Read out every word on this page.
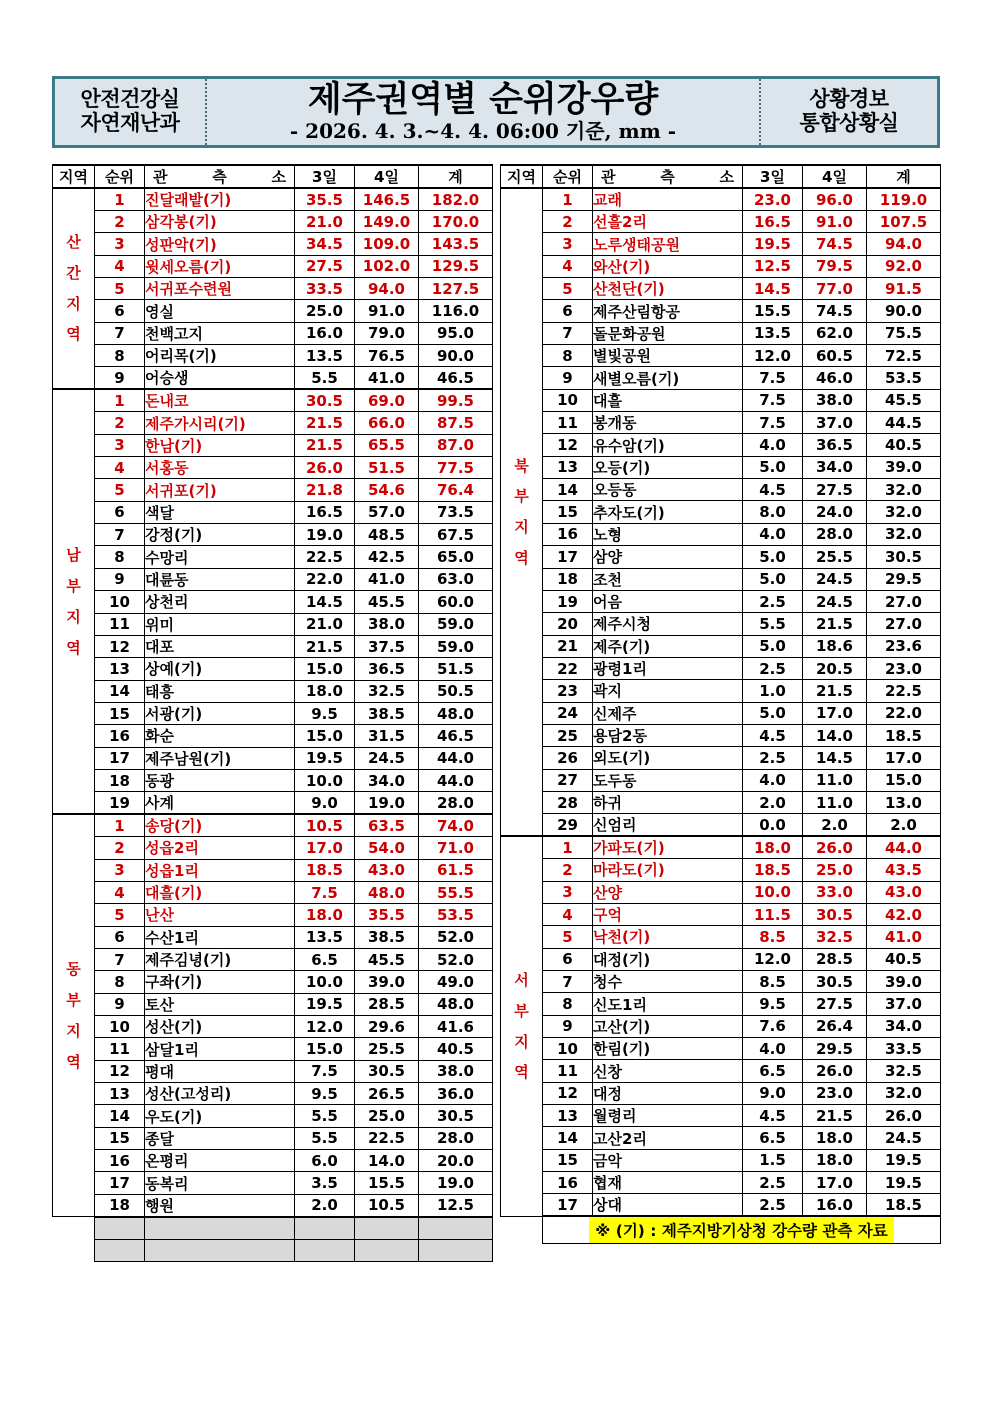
안전건강실
자연재난과
제주권역별 순위강우량
- 2026. 4. 3.~4. 4. 06:00 기준, mm -
상황경보
통합상황실
지역	순위	관 측 소	3일	4일	계

산
간
지
역	1	진달래밭(기)	35.5	146.5	182.0
	2	삼각봉(기)	21.0	149.0	170.0
	3	성판악(기)	34.5	109.0	143.5
	4	윗세오름(기)	27.5	102.0	129.5
	5	서귀포수련원	33.5	94.0	127.5
	6	영실	25.0	91.0	116.0
	7	천백고지	16.0	79.0	95.0
	8	어리목(기)	13.5	76.5	90.0
	9	어승생	5.5	41.0	46.5

남
부
지
역	1	돈내코	30.5	69.0	99.5
	2	제주가시리(기)	21.5	66.0	87.5
	3	한남(기)	21.5	65.5	87.0
	4	서홍동	26.0	51.5	77.5
	5	서귀포(기)	21.8	54.6	76.4
	6	색달	16.5	57.0	73.5
	7	강정(기)	19.0	48.5	67.5
	8	수망리	22.5	42.5	65.0
	9	대륜동	22.0	41.0	63.0
	10	상천리	14.5	45.5	60.0
	11	위미	21.0	38.0	59.0
	12	대포	21.5	37.5	59.0
	13	상예(기)	15.0	36.5	51.5
	14	태흥	18.0	32.5	50.5
	15	서광(기)	9.5	38.5	48.0
	16	화순	15.0	31.5	46.5
	17	제주남원(기)	19.5	24.5	44.0
	18	동광	10.0	34.0	44.0
	19	사계	9.0	19.0	28.0

동
부
지
역	1	송당(기)	10.5	63.5	74.0
	2	성읍2리	17.0	54.0	71.0
	3	성읍1리	18.5	43.0	61.5
	4	대흘(기)	7.5	48.0	55.5
	5	난산	18.0	35.5	53.5
	6	수산1리	13.5	38.5	52.0
	7	제주김녕(기)	6.5	45.5	52.0
	8	구좌(기)	10.0	39.0	49.0
	9	토산	19.5	28.5	48.0
	10	성산(기)	12.0	29.6	41.6
	11	삼달1리	15.0	25.5	40.5
	12	평대	7.5	30.5	38.0
	13	성산(고성리)	9.5	26.5	36.0
	14	우도(기)	5.5	25.0	30.5
	15	종달	5.5	22.5	28.0
	16	온평리	6.0	14.0	20.0
	17	동복리	3.5	15.5	19.0
	18	행원	2.0	10.5	12.5

지역	순위	관 측 소	3일	4일	계

북
부
지
역	1	교래	23.0	96.0	119.0
	2	선흘2리	16.5	91.0	107.5
	3	노루생태공원	19.5	74.5	94.0
	4	와산(기)	12.5	79.5	92.0
	5	산천단(기)	14.5	77.0	91.5
	6	제주산림항공	15.5	74.5	90.0
	7	돌문화공원	13.5	62.0	75.5
	8	별빛공원	12.0	60.5	72.5
	9	새별오름(기)	7.5	46.0	53.5
	10	대흘	7.5	38.0	45.5
	11	봉개동	7.5	37.0	44.5
	12	유수암(기)	4.0	36.5	40.5
	13	오등(기)	5.0	34.0	39.0
	14	오등동	4.5	27.5	32.0
	15	추자도(기)	8.0	24.0	32.0
	16	노형	4.0	28.0	32.0
	17	삼양	5.0	25.5	30.5
	18	조천	5.0	24.5	29.5
	19	어음	2.5	24.5	27.0
	20	제주시청	5.5	21.5	27.0
	21	제주(기)	5.0	18.6	23.6
	22	광령1리	2.5	20.5	23.0
	23	곽지	1.0	21.5	22.5
	24	신제주	5.0	17.0	22.0
	25	용담2동	4.5	14.0	18.5
	26	외도(기)	2.5	14.5	17.0
	27	도두동	4.0	11.0	15.0
	28	하귀	2.0	11.0	13.0
	29	신엄리	0.0	2.0	2.0

서
부
지
역	1	가파도(기)	18.0	26.0	44.0
	2	마라도(기)	18.5	25.0	43.5
	3	산양	10.0	33.0	43.0
	4	구억	11.5	30.5	42.0
	5	낙천(기)	8.5	32.5	41.0
	6	대정(기)	12.0	28.5	40.5
	7	청수	8.5	30.5	39.0
	8	신도1리	9.5	27.5	37.0
	9	고산(기)	7.6	26.4	34.0
	10	한림(기)	4.0	29.5	33.5
	11	신창	6.5	26.0	32.5
	12	대정	9.0	23.0	32.0
	13	월령리	4.5	21.5	26.0
	14	고산2리	6.5	18.0	24.5
	15	금악	1.5	18.0	19.5
	16	협재	2.5	17.0	19.5
	17	상대	2.5	16.0	18.5
	※ (기) : 제주지방기상청 강수량 관측 자료				
